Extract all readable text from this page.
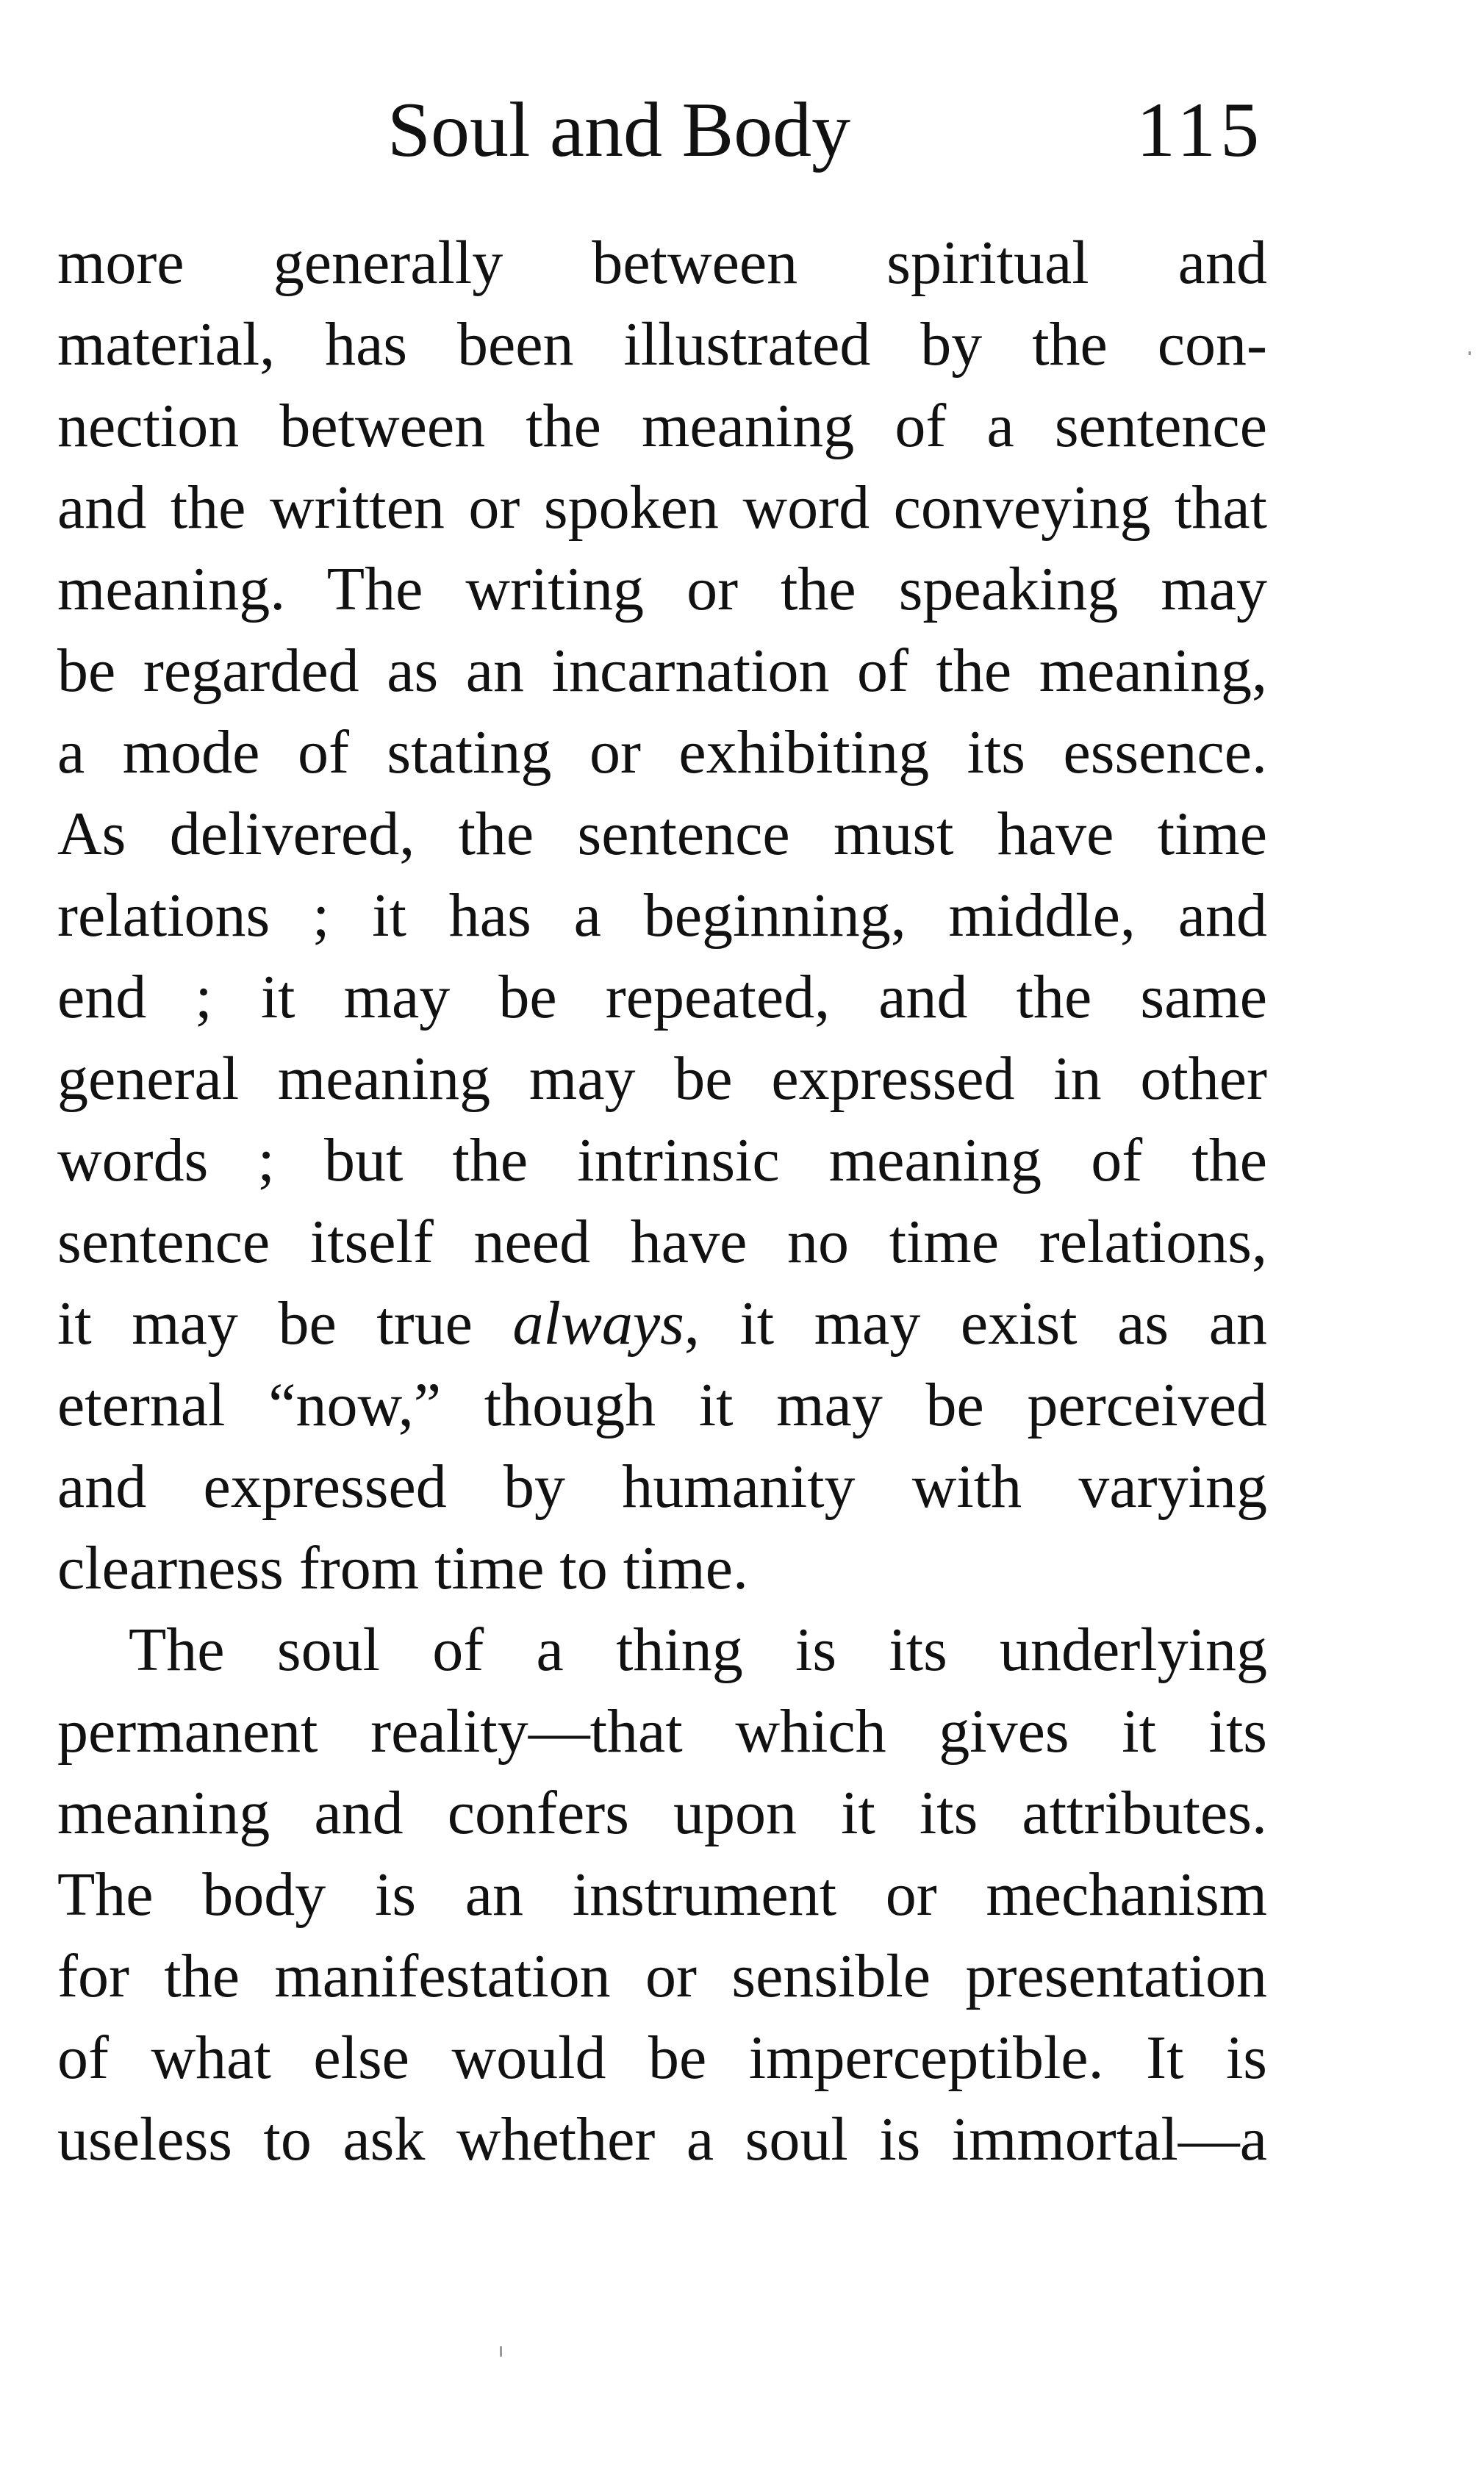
Soul and Body	115
more generally between spiritual and
material, has been illustrated by the con-
nection between the meaning of a sentence
and the written or spoken word conveying that
meaning. The writing or the speaking may
be regarded as an incarnation of the meaning,
a mode of stating or exhibiting its essence.
As delivered, the sentence must have time
relations ; it has a beginning, middle, and
end ; it may be repeated, and the same
general meaning may be expressed in other
words ; but the intrinsic meaning of the
sentence itself need have no time relations,
it may be true always, it may exist as an
eternal “now,” though it may be perceived
and expressed by humanity with varying
clearness from time to time.
The soul of a thing is its underlying
permanent reality—that which gives it its
meaning and confers upon it its attributes.
The body is an instrument or mechanism
for the manifestation or sensible presentation
of what else would be imperceptible. It is
useless to ask whether a soul is immortal—a
